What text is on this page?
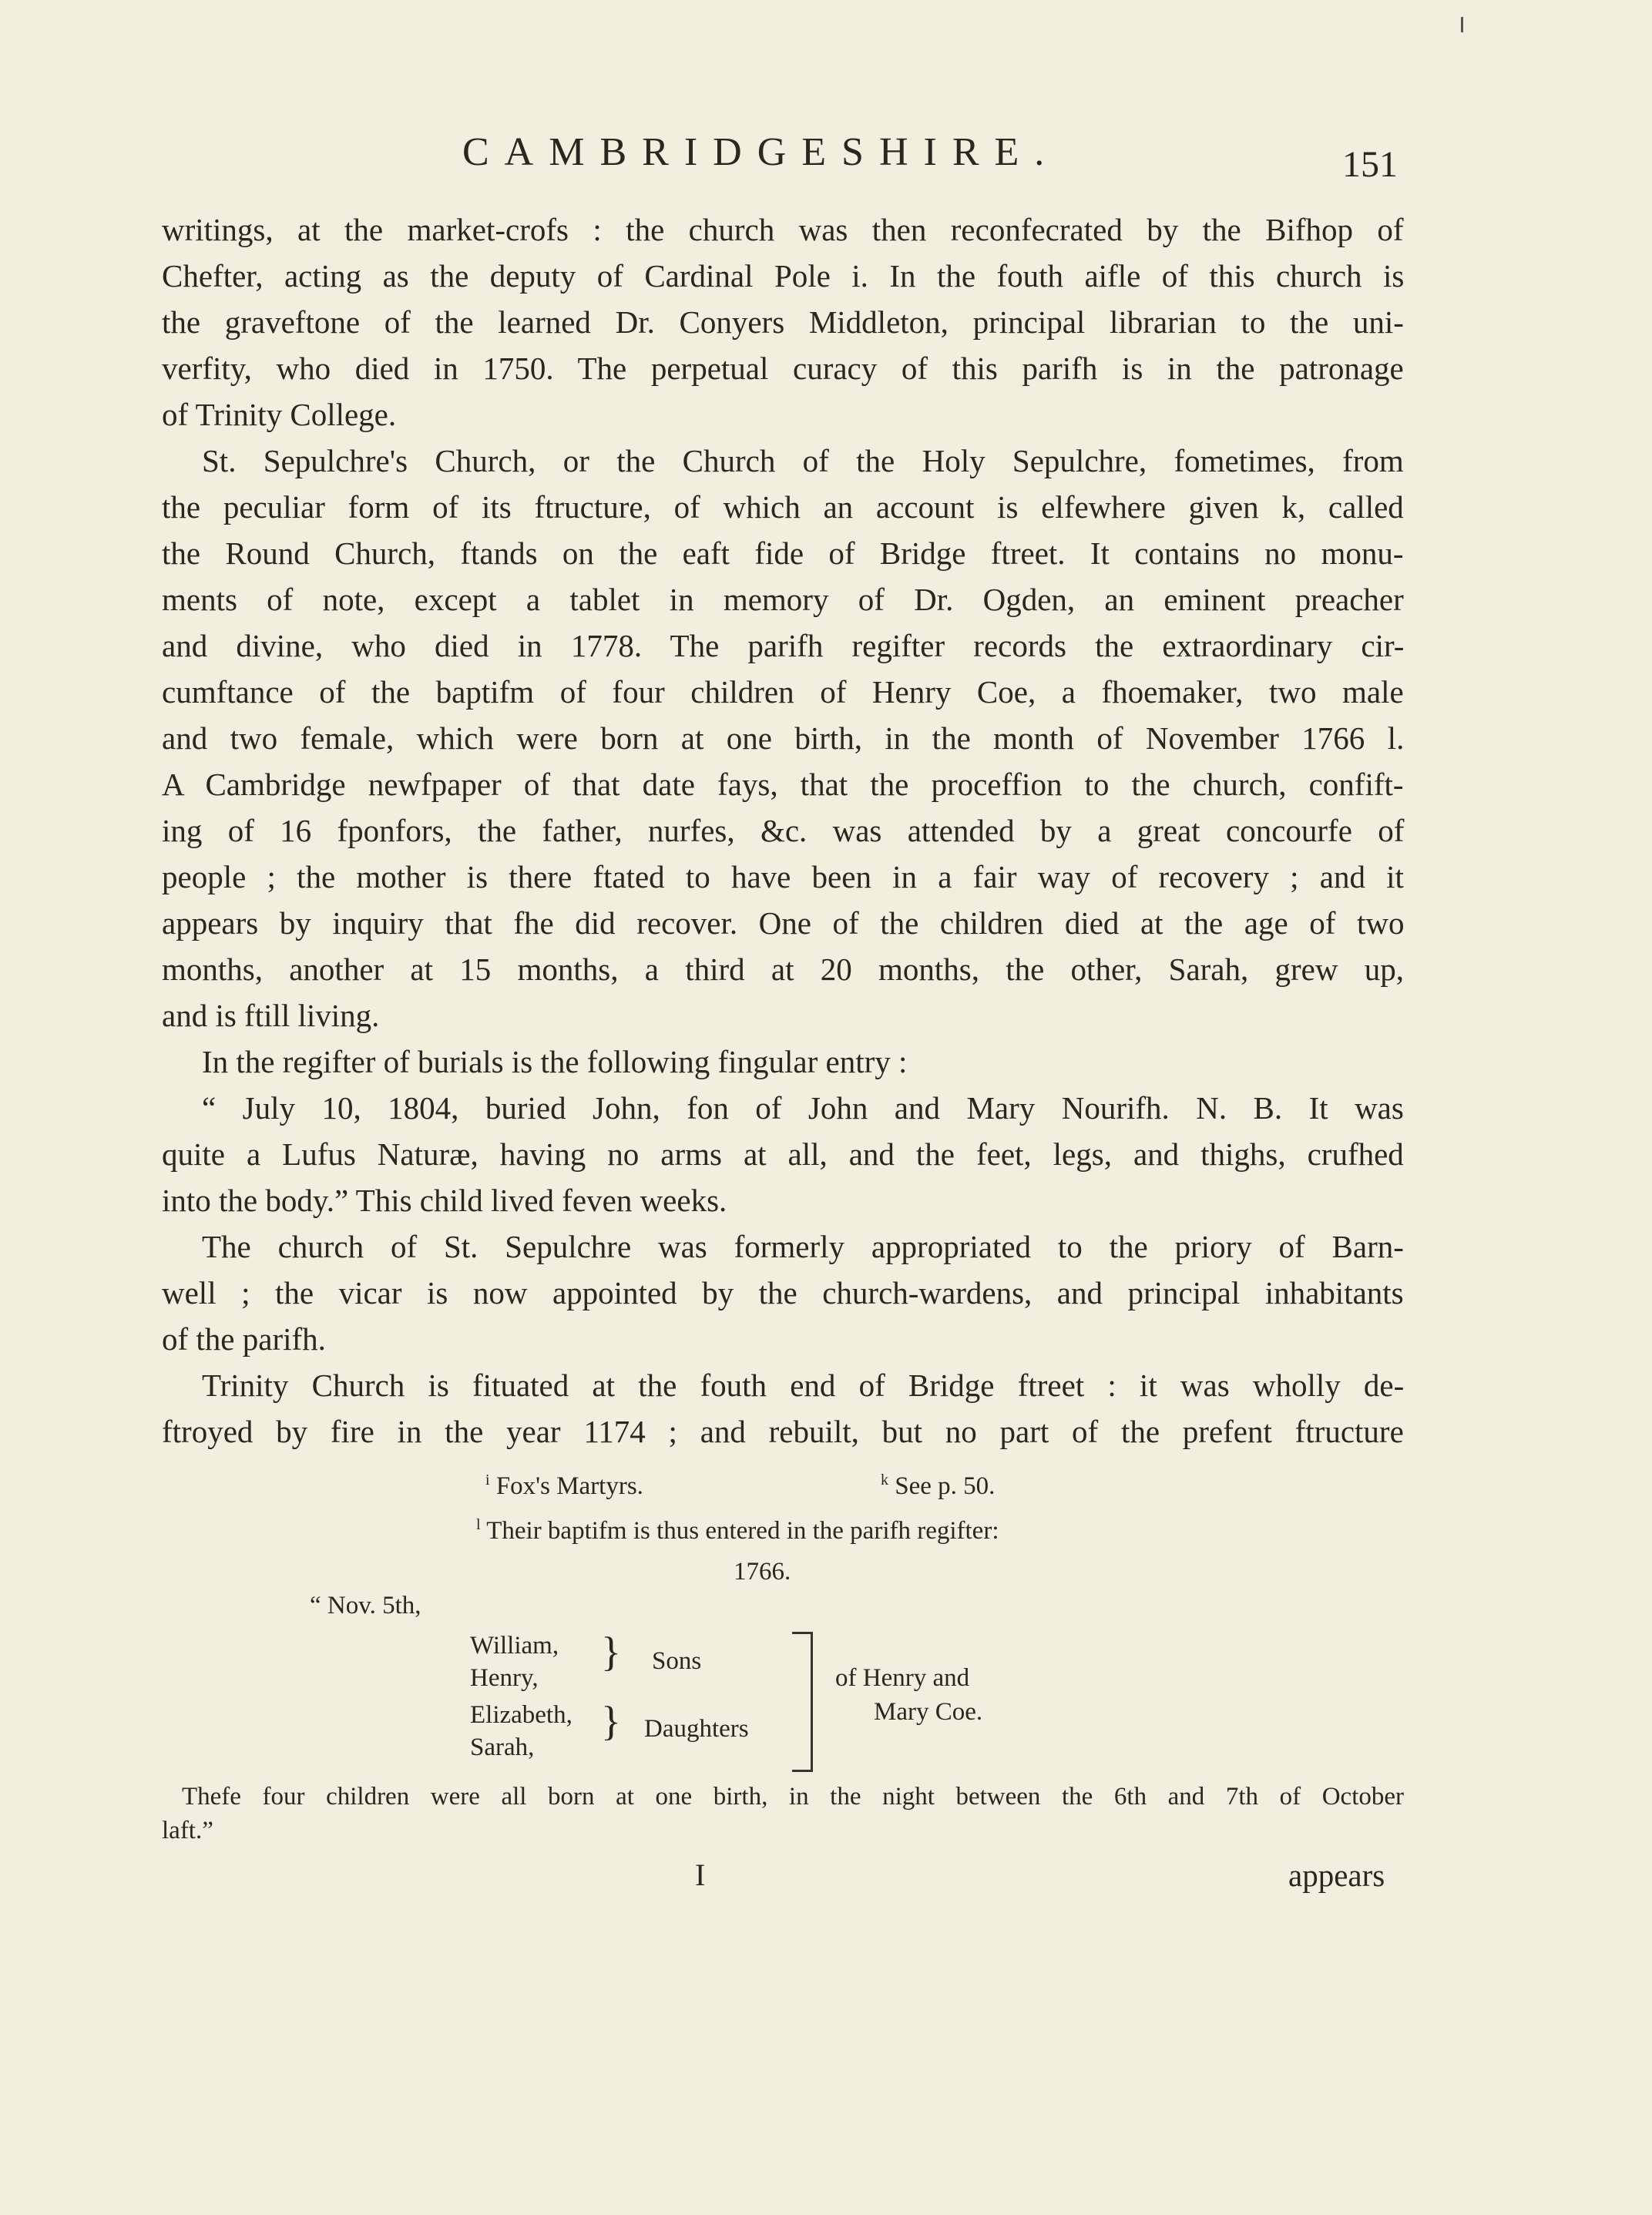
CAMBRIDGESHIRE.	151
writings, at the market-crofs : the church was then reconfecrated by the Bifhop of
Chefter, acting as the deputy of Cardinal Pole i. In the fouth aifle of this church is
the graveftone of the learned Dr. Conyers Middleton, principal librarian to the uni-
verfity, who died in 1750. The perpetual curacy of this parifh is in the patronage
of Trinity College.
St. Sepulchre's Church, or the Church of the Holy Sepulchre, fometimes, from
the peculiar form of its ftructure, of which an account is elfewhere given k, called
the Round Church, ftands on the eaft fide of Bridge ftreet. It contains no monu-
ments of note, except a tablet in memory of Dr. Ogden, an eminent preacher
and divine, who died in 1778. The parifh regifter records the extraordinary cir-
cumftance of the baptifm of four children of Henry Coe, a fhoemaker, two male
and two female, which were born at one birth, in the month of November 1766 l.
A Cambridge newfpaper of that date fays, that the proceffion to the church, confift-
ing of 16 fponfors, the father, nurfes, &c. was attended by a great concourfe of
people ; the mother is there ftated to have been in a fair way of recovery ; and it
appears by inquiry that fhe did recover. One of the children died at the age of two
months, another at 15 months, a third at 20 months, the other, Sarah, grew up,
and is ftill living.
In the regifter of burials is the following fingular entry :
“ July 10, 1804, buried John, fon of John and Mary Nourifh. N. B. It was
quite a Lufus Naturæ, having no arms at all, and the feet, legs, and thighs, crufhed
into the body.” This child lived feven weeks.
The church of St. Sepulchre was formerly appropriated to the priory of Barn-
well ; the vicar is now appointed by the church-wardens, and principal inhabitants
of the parifh.
Trinity Church is fituated at the fouth end of Bridge ftreet : it was wholly de-
ftroyed by fire in the year 1174 ; and rebuilt, but no part of the prefent ftructure
$^i$ Fox's Martyrs.	$^k$ See p. 50.
$^l$ Their baptifm is thus entered in the parifh regifter:
1766.
“ Nov. 5th,
William,
Henry,
Elizabeth,
Sarah,
} Sons
} Daughters
of Henry and
Mary Coe.
Thefe four children were all born at one birth, in the night between the 6th and 7th of October
laft.”
I	appears
